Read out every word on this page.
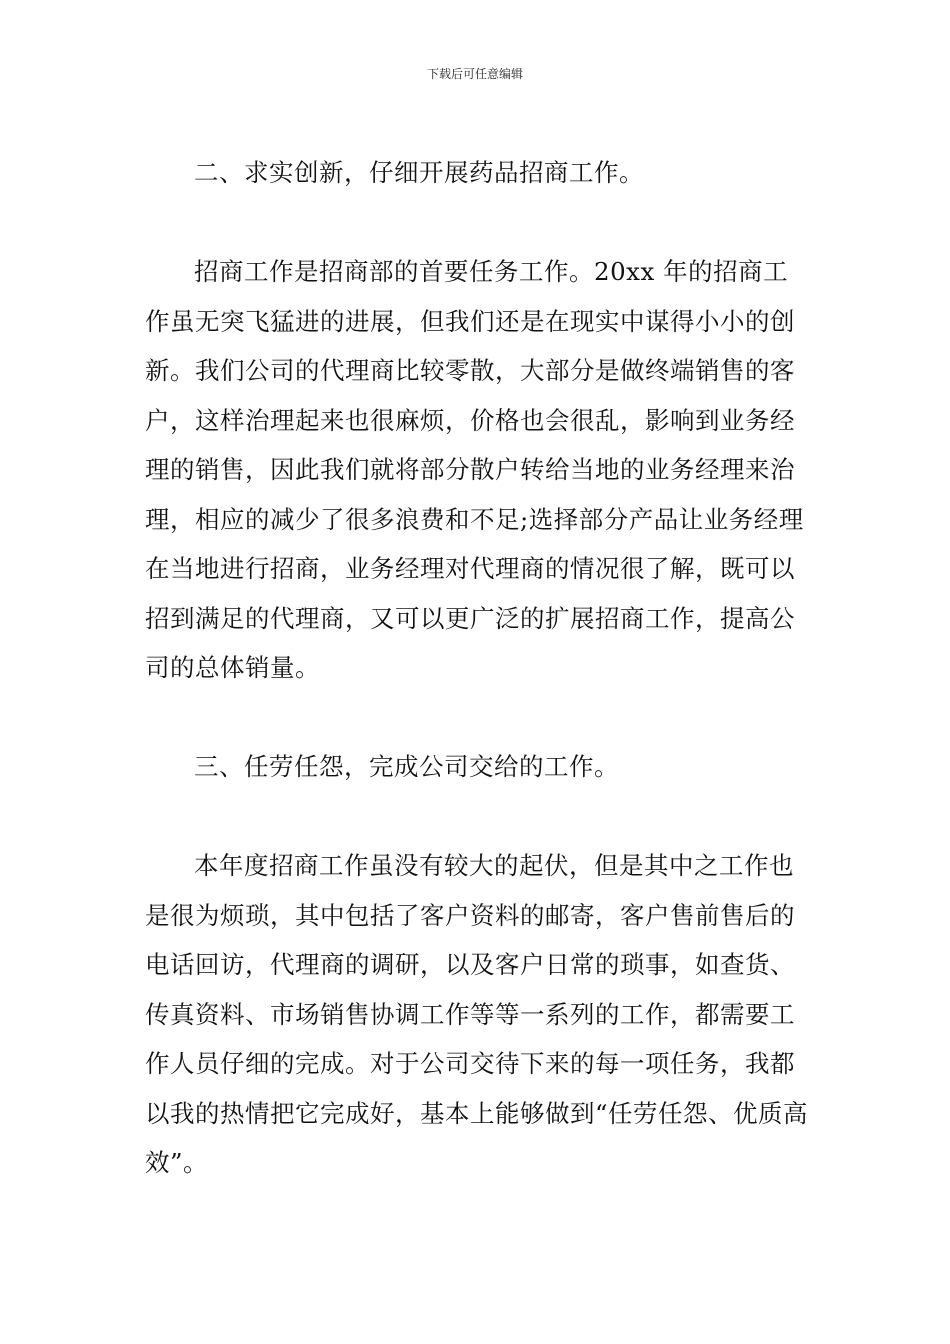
下载后可任意编辑

二、求实创新，仔细开展药品招商工作。

招商工作是招商部的首要任务工作。20xx 年的招商工作虽无突飞猛进的进展，但我们还是在现实中谋得小小的创新。我们公司的代理商比较零散，大部分是做终端销售的客户，这样治理起来也很麻烦，价格也会很乱，影响到业务经理的销售，因此我们就将部分散户转给当地的业务经理来治理，相应的减少了很多浪费和不足;选择部分产品让业务经理在当地进行招商，业务经理对代理商的情况很了解，既可以招到满足的代理商，又可以更广泛的扩展招商工作，提高公司的总体销量。

三、任劳任怨，完成公司交给的工作。

本年度招商工作虽没有较大的起伏，但是其中之工作也是很为烦琐，其中包括了客户资料的邮寄，客户售前售后的电话回访，代理商的调研，以及客户日常的琐事，如查货、传真资料、市场销售协调工作等等一系列的工作，都需要工作人员仔细的完成。对于公司交待下来的每一项任务，我都以我的热情把它完成好，基本上能够做到“任劳任怨、优质高效”。
